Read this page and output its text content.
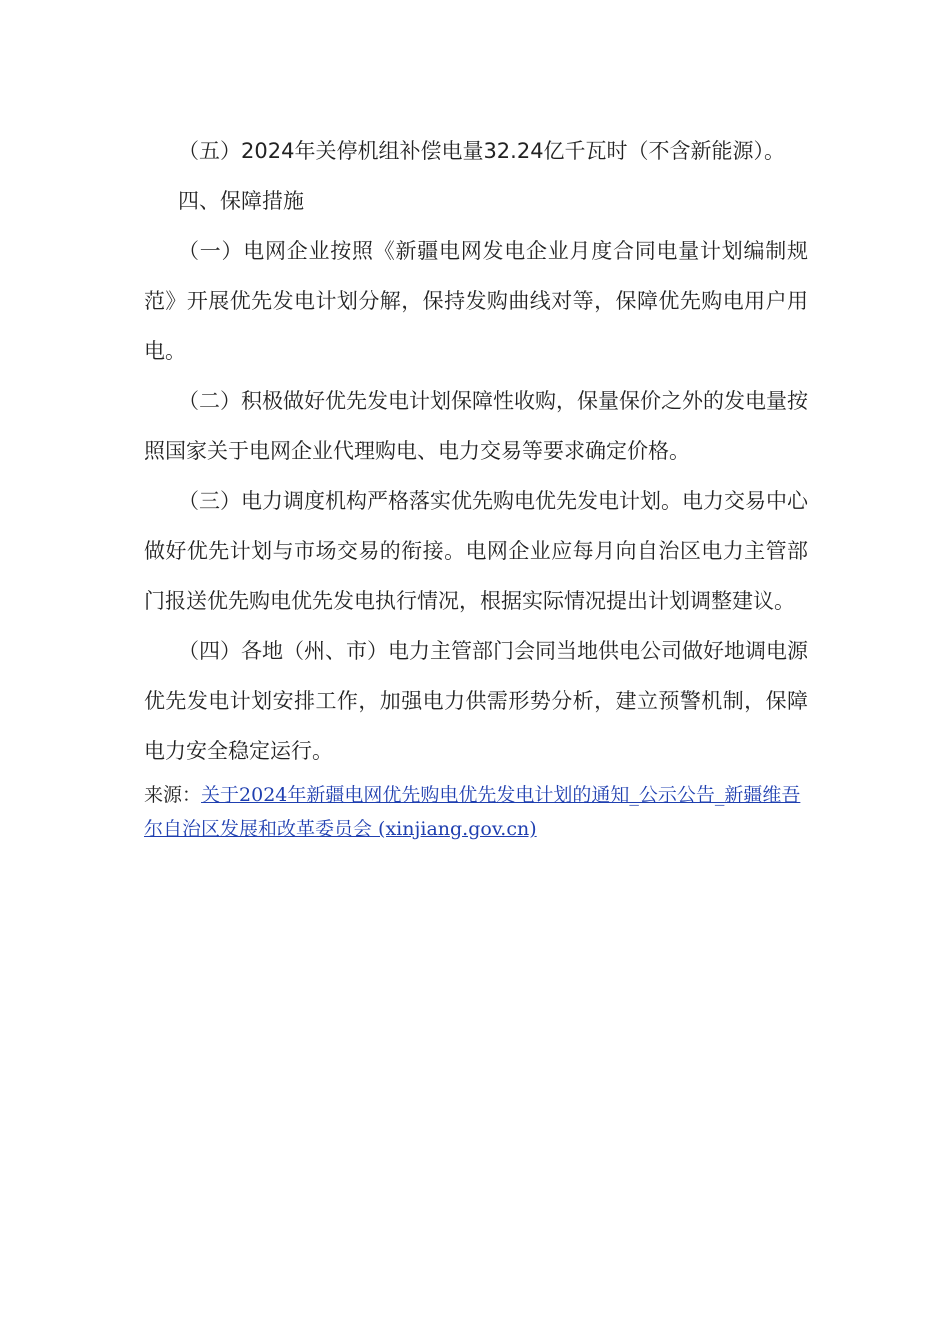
（五）2024年关停机组补偿电量32.24亿千瓦时（不含新能源）。

四、保障措施

（一）电网企业按照《新疆电网发电企业月度合同电量计划编制规范》开展优先发电计划分解，保持发购曲线对等，保障优先购电用户用电。

（二）积极做好优先发电计划保障性收购，保量保价之外的发电量按照国家关于电网企业代理购电、电力交易等要求确定价格。

（三）电力调度机构严格落实优先购电优先发电计划。电力交易中心做好优先计划与市场交易的衔接。电网企业应每月向自治区电力主管部门报送优先购电优先发电执行情况，根据实际情况提出计划调整建议。

（四）各地（州、市）电力主管部门会同当地供电公司做好地调电源优先发电计划安排工作，加强电力供需形势分析，建立预警机制，保障电力安全稳定运行。

来源：关于2024年新疆电网优先购电优先发电计划的通知_公示公告_新疆维吾尔自治区发展和改革委员会 (xinjiang.gov.cn)
